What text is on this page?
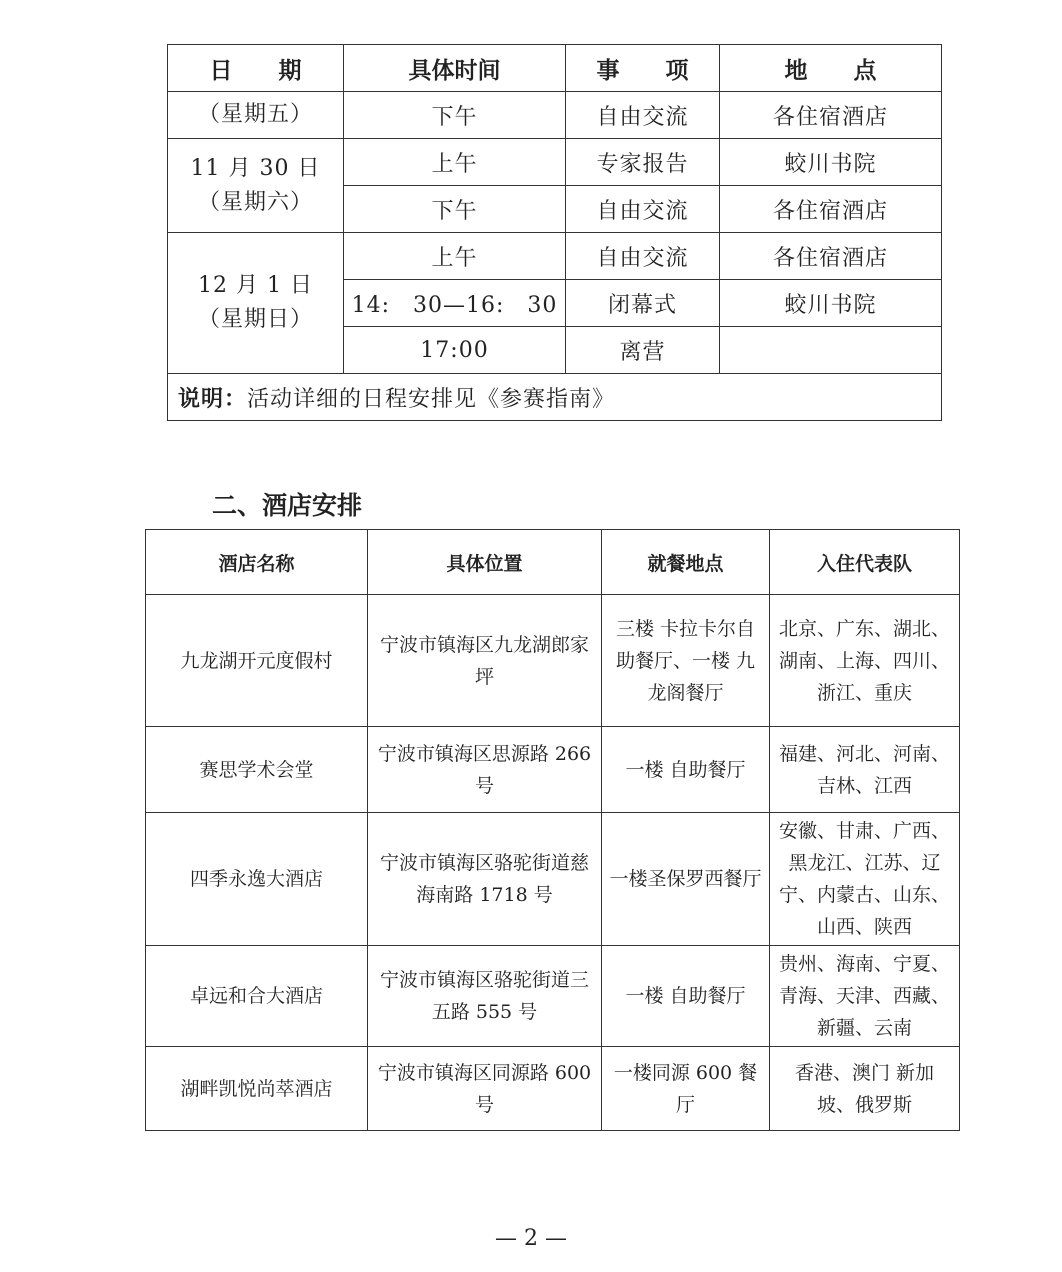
日　　期	具体时间	事　　项	地　　点
（星期五）	下午	自由交流	各住宿酒店

11 月 30 日
（星期六）	上午	专家报告	蛟川书院
	下午	自由交流	各住宿酒店

12 月 1 日
（星期日）	上午	自由交流	各住宿酒店
	14:　30—16:　30	闭幕式	蛟川书院
	17:00	离营	
说明：活动详细的日程安排见《参赛指南》			
二、酒店安排
酒店名称	具体位置	就餐地点	入住代表队
九龙湖开元度假村	宁波市镇海区九龙湖郎家坪	三楼 卡拉卡尔自助餐厅、一楼 九龙阁餐厅	北京、广东、湖北、湖南、上海、四川、浙江、重庆
赛思学术会堂	宁波市镇海区思源路 266 号	一楼 自助餐厅	福建、河北、河南、吉林、江西
四季永逸大酒店	宁波市镇海区骆驼街道慈海南路 1718 号	一楼圣保罗西餐厅	安徽、甘肃、广西、黑龙江、江苏、辽宁、内蒙古、山东、山西、陕西
卓远和合大酒店	宁波市镇海区骆驼街道三五路 555 号	一楼 自助餐厅	贵州、海南、宁夏、青海、天津、西藏、新疆、云南
湖畔凯悦尚萃酒店	宁波市镇海区同源路 600 号	一楼同源 600 餐厅	香港、澳门 新加坡、俄罗斯
— 2 —
